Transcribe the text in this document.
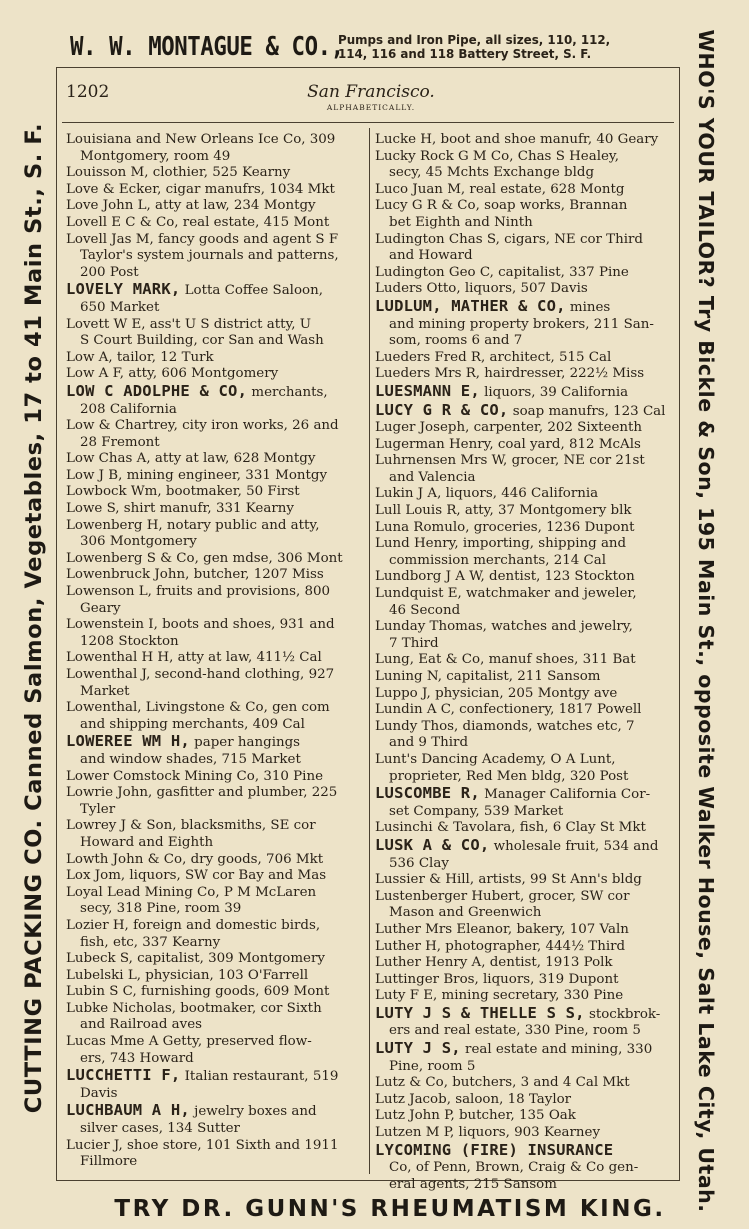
W. W. MONTAGUE & CO.,
Pumps and Iron Pipe, all sizes, 110, 112,
114, 116 and 118 Battery Street, S. F.
CUTTING PACKING CO. Canned Salmon, Vegetables, 17 to 41 Main St., S. F.	WHO'S YOUR TAILOR? Try Bickle & Son, 195 Main St., opposite Walker House, Salt Lake City, Utah.
San Francisco.
1202
ALPHABETICALLY.
Louisiana and New Orleans Ice Co, 309
Montgomery, room 49
Louisson M, clothier, 525 Kearny
Love & Ecker, cigar manufrs, 1034 Mkt
Love John L, atty at law, 234 Montgy
Lovell E C & Co, real estate, 415 Mont
Lovell Jas M, fancy goods and agent S F
Taylor's system journals and patterns,
200 Post
LOVELY MARK, Lotta Coffee Saloon,
650 Market
Lovett W E, ass't U S district atty, U
S Court Building, cor San and Wash
Low A, tailor, 12 Turk
Low A F, atty, 606 Montgomery
LOW C ADOLPHE & CO, merchants,
208 California
Low & Chartrey, city iron works, 26 and
28 Fremont
Low Chas A, atty at law, 628 Montgy
Low J B, mining engineer, 331 Montgy
Lowbock Wm, bootmaker, 50 First
Lowe S, shirt manufr, 331 Kearny
Lowenberg H, notary public and atty,
306 Montgomery
Lowenberg S & Co, gen mdse, 306 Mont
Lowenbruck John, butcher, 1207 Miss
Lowenson L, fruits and provisions, 800
Geary
Lowenstein I, boots and shoes, 931 and
1208 Stockton
Lowenthal H H, atty at law, 411½ Cal
Lowenthal J, second-hand clothing, 927
Market
Lowenthal, Livingstone & Co, gen com
and shipping merchants, 409 Cal
LOWEREE WM H, paper hangings
and window shades, 715 Market
Lower Comstock Mining Co, 310 Pine
Lowrie John, gasfitter and plumber, 225
Tyler
Lowrey J & Son, blacksmiths, SE cor
Howard and Eighth
Lowth John & Co, dry goods, 706 Mkt
Lox Jom, liquors, SW cor Bay and Mas
Loyal Lead Mining Co, P M McLaren
secy, 318 Pine, room 39
Lozier H, foreign and domestic birds,
fish, etc, 337 Kearny
Lubeck S, capitalist, 309 Montgomery
Lubelski L, physician, 103 O'Farrell
Lubin S C, furnishing goods, 609 Mont
Lubke Nicholas, bootmaker, cor Sixth
and Railroad aves
Lucas Mme A Getty, preserved flow-
ers, 743 Howard
LUCCHETTI F, Italian restaurant, 519
Davis
LUCHBAUM A H, jewelry boxes and
silver cases, 134 Sutter
Lucier J, shoe store, 101 Sixth and 1911
Fillmore
Lucke H, boot and shoe manufr, 40 Geary
Lucky Rock G M Co, Chas S Healey,
secy, 45 Mchts Exchange bldg
Luco Juan M, real estate, 628 Montg
Lucy G R & Co, soap works, Brannan
bet Eighth and Ninth
Ludington Chas S, cigars, NE cor Third
and Howard
Ludington Geo C, capitalist, 337 Pine
Luders Otto, liquors, 507 Davis
LUDLUM, MATHER & CO, mines
and mining property brokers, 211 San-
som, rooms 6 and 7
Lueders Fred R, architect, 515 Cal
Lueders Mrs R, hairdresser, 222½ Miss
LUESMANN E, liquors, 39 California
LUCY G R & CO, soap manufrs, 123 Cal
Luger Joseph, carpenter, 202 Sixteenth
Lugerman Henry, coal yard, 812 McAls
Luhrnensen Mrs W, grocer, NE cor 21st
and Valencia
Lukin J A, liquors, 446 California
Lull Louis R, atty, 37 Montgomery blk
Luna Romulo, groceries, 1236 Dupont
Lund Henry, importing, shipping and
commission merchants, 214 Cal
Lundborg J A W, dentist, 123 Stockton
Lundquist E, watchmaker and jeweler,
46 Second
Lunday Thomas, watches and jewelry,
7 Third
Lung, Eat & Co, manuf shoes, 311 Bat
Luning N, capitalist, 211 Sansom
Luppo J, physician, 205 Montgy ave
Lundin A C, confectionery, 1817 Powell
Lundy Thos, diamonds, watches etc, 7
and 9 Third
Lunt's Dancing Academy, O A Lunt,
proprieter, Red Men bldg, 320 Post
LUSCOMBE R, Manager California Cor-
set Company, 539 Market
Lusinchi & Tavolara, fish, 6 Clay St Mkt
LUSK A & CO, wholesale fruit, 534 and
536 Clay
Lussier & Hill, artists, 99 St Ann's bldg
Lustenberger Hubert, grocer, SW cor
Mason and Greenwich
Luther Mrs Eleanor, bakery, 107 Valn
Luther H, photographer, 444½ Third
Luther Henry A, dentist, 1913 Polk
Luttinger Bros, liquors, 319 Dupont
Luty F E, mining secretary, 330 Pine
LUTY J S & THELLE S S, stockbrok-
ers and real estate, 330 Pine, room 5
LUTY J S, real estate and mining, 330
Pine, room 5
Lutz & Co, butchers, 3 and 4 Cal Mkt
Lutz Jacob, saloon, 18 Taylor
Lutz John P, butcher, 135 Oak
Lutzen M P, liquors, 903 Kearney
LYCOMING (FIRE) INSURANCE
Co, of Penn, Brown, Craig & Co gen-
eral agents, 215 Sansom
TRY DR. GUNN'S RHEUMATISM KING.
